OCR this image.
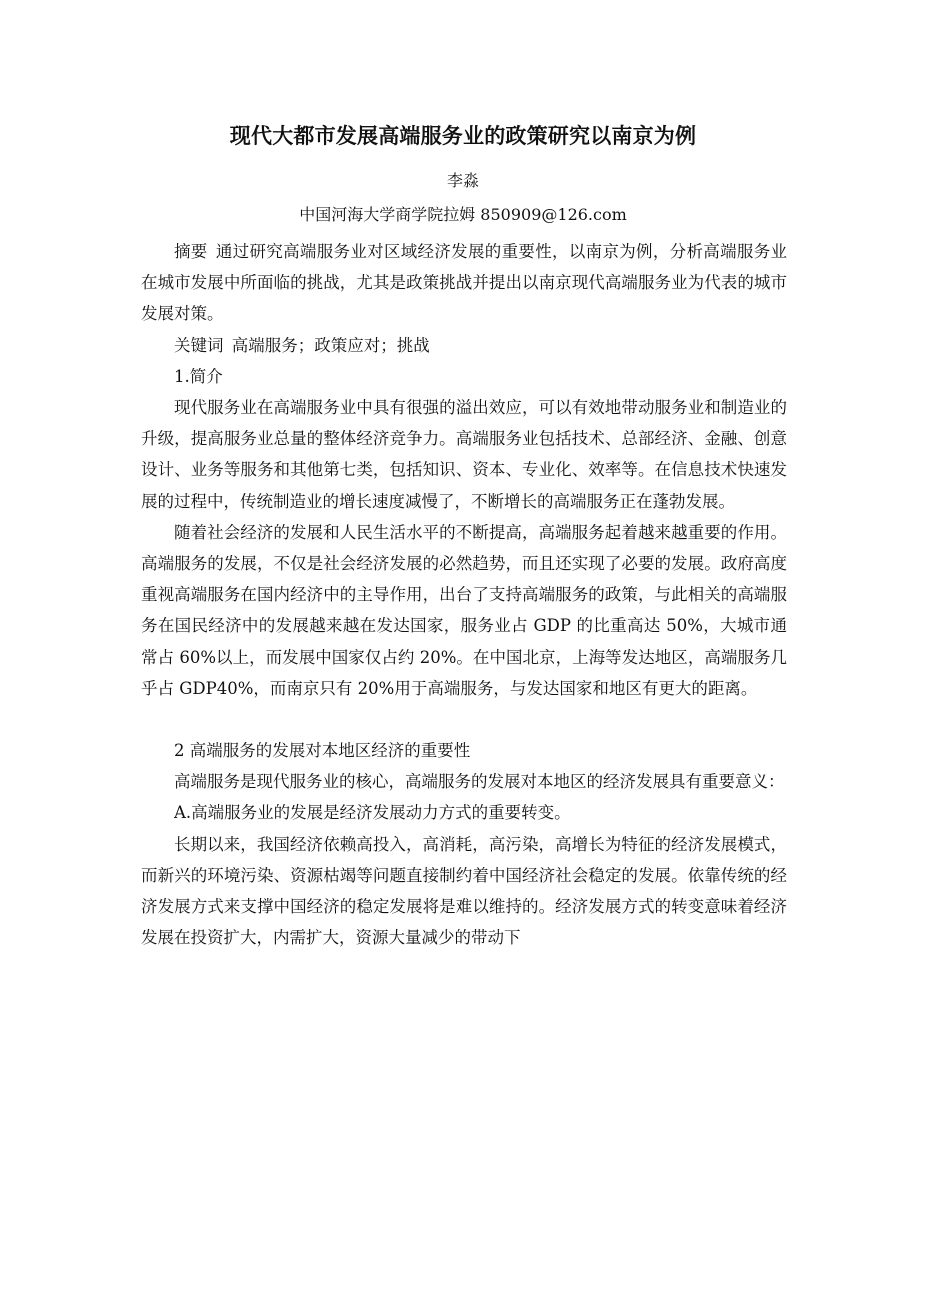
现代大都市发展高端服务业的政策研究以南京为例
李淼
中国河海大学商学院拉姆 850909@126.com

摘要 通过研究高端服务业对区域经济发展的重要性，以南京为例，分析高端服务业在城市发展中所面临的挑战，尤其是政策挑战并提出以南京现代高端服务业为代表的城市发展对策。

关键词 高端服务；政策应对；挑战

1.简介

现代服务业在高端服务业中具有很强的溢出效应，可以有效地带动服务业和制造业的升级，提高服务业总量的整体经济竞争力。高端服务业包括技术、总部经济、金融、创意设计、业务等服务和其他第七类，包括知识、资本、专业化、效率等。在信息技术快速发展的过程中，传统制造业的增长速度减慢了，不断增长的高端服务正在蓬勃发展。

随着社会经济的发展和人民生活水平的不断提高，高端服务起着越来越重要的作用。高端服务的发展，不仅是社会经济发展的必然趋势，而且还实现了必要的发展。政府高度重视高端服务在国内经济中的主导作用，出台了支持高端服务的政策，与此相关的高端服务在国民经济中的发展越来越在发达国家，服务业占 GDP 的比重高达 50%，大城市通常占 60%以上，而发展中国家仅占约 20%。在中国北京，上海等发达地区，高端服务几乎占 GDP40%，而南京只有 20%用于高端服务，与发达国家和地区有更大的距离。

2 高端服务的发展对本地区经济的重要性

高端服务是现代服务业的核心，高端服务的发展对本地区的经济发展具有重要意义：

A.高端服务业的发展是经济发展动力方式的重要转变。

长期以来，我国经济依赖高投入，高消耗，高污染，高增长为特征的经济发展模式，而新兴的环境污染、资源枯竭等问题直接制约着中国经济社会稳定的发展。依靠传统的经济发展方式来支撑中国经济的稳定发展将是难以维持的。经济发展方式的转变意味着经济发展在投资扩大，内需扩大，资源大量减少的带动下
